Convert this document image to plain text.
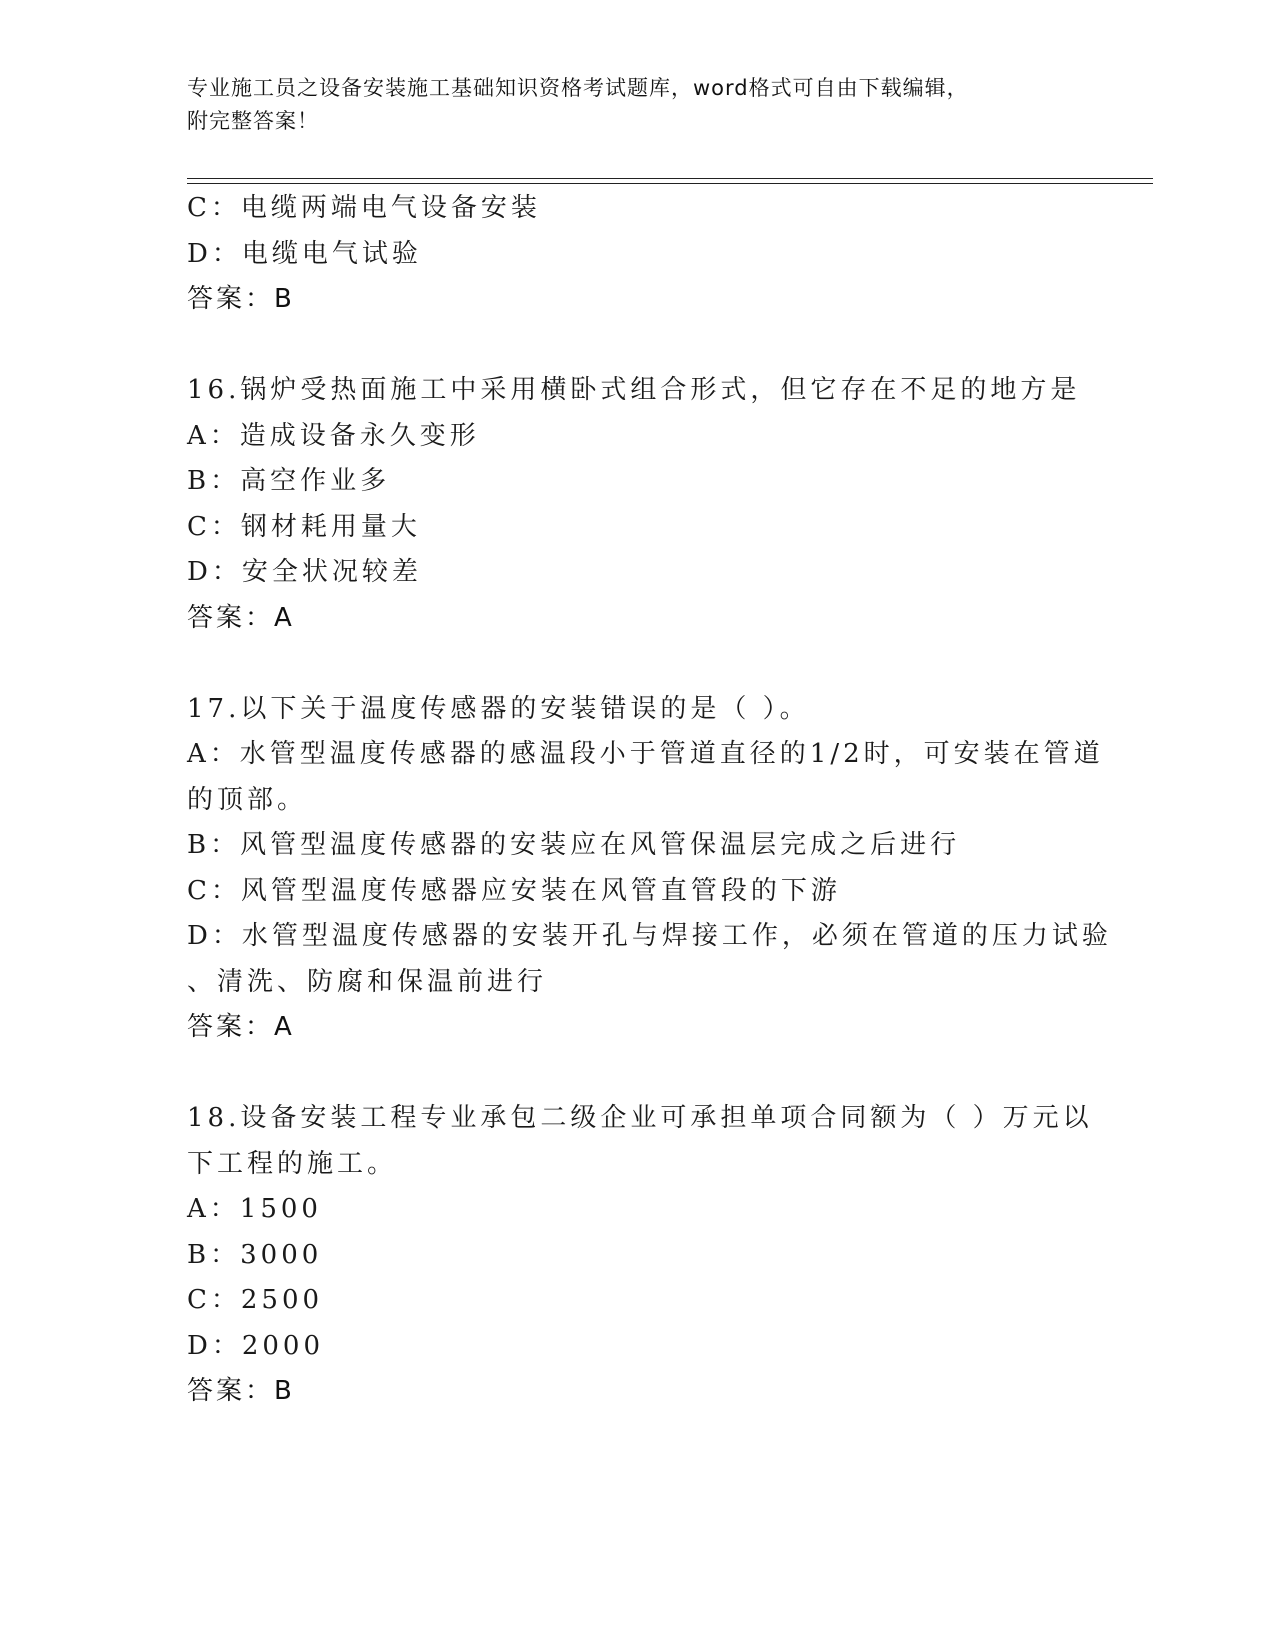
专业施工员之设备安装施工基础知识资格考试题库，word格式可自由下载编辑，
附完整答案！
C：电缆两端电气设备安装
D：电缆电气试验
答案：B
16.锅炉受热面施工中采用横卧式组合形式，但它存在不足的地方是
A：造成设备永久变形
B：高空作业多
C：钢材耗用量大
D：安全状况较差
答案：A
17.以下关于温度传感器的安装错误的是（ ）。
A：水管型温度传感器的感温段小于管道直径的1/2时，可安装在管道
的顶部。
B：风管型温度传感器的安装应在风管保温层完成之后进行
C：风管型温度传感器应安装在风管直管段的下游
D：水管型温度传感器的安装开孔与焊接工作，必须在管道的压力试验
、清洗、防腐和保温前进行
答案：A
18.设备安装工程专业承包二级企业可承担单项合同额为（ ）万元以
下工程的施工。
A：1500
B：3000
C：2500
D：2000
答案：B
